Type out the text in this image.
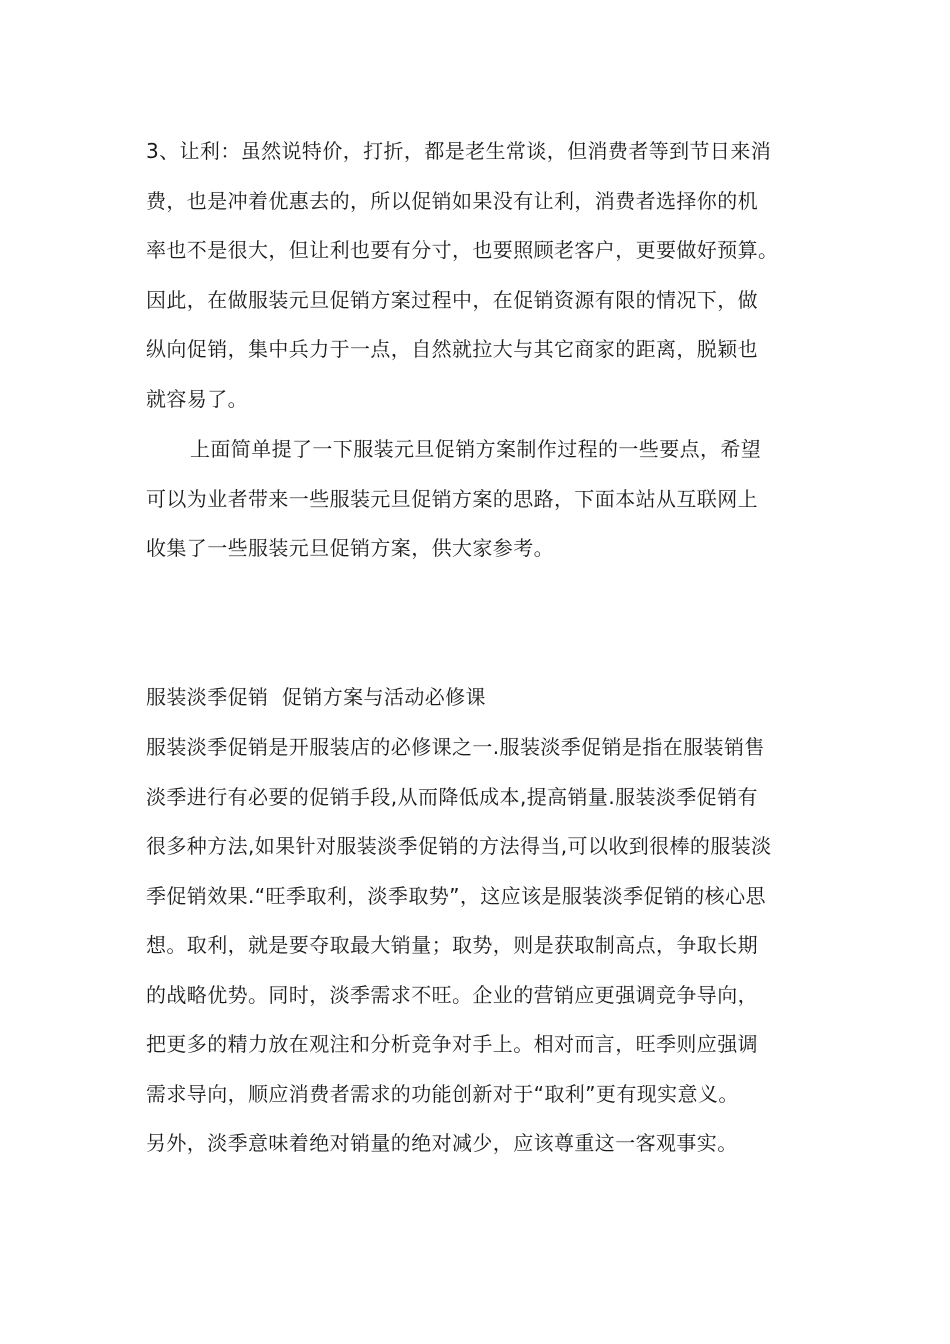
3、让利：虽然说特价，打折，都是老生常谈，但消费者等到节日来消
费，也是冲着优惠去的，所以促销如果没有让利，消费者选择你的机
率也不是很大，但让利也要有分寸，也要照顾老客户，更要做好预算。
因此，在做服装元旦促销方案过程中，在促销资源有限的情况下，做
纵向促销，集中兵力于一点，自然就拉大与其它商家的距离，脱颖也
就容易了。
上面简单提了一下服装元旦促销方案制作过程的一些要点，希望
可以为业者带来一些服装元旦促销方案的思路，下面本站从互联网上
收集了一些服装元旦促销方案，供大家参考。
服装淡季促销  促销方案与活动必修课
服装淡季促销是开服装店的必修课之一.服装淡季促销是指在服装销售
淡季进行有必要的促销手段,从而降低成本,提高销量.服装淡季促销有
很多种方法,如果针对服装淡季促销的方法得当,可以收到很棒的服装淡
季促销效果.“旺季取利，淡季取势”，这应该是服装淡季促销的核心思
想。取利，就是要夺取最大销量；取势，则是获取制高点，争取长期
的战略优势。同时，淡季需求不旺。企业的营销应更强调竞争导向，
把更多的精力放在观注和分析竞争对手上。相对而言，旺季则应强调
需求导向，顺应消费者需求的功能创新对于“取利”更有现实意义。
另外，淡季意味着绝对销量的绝对减少，应该尊重这一客观事实。
